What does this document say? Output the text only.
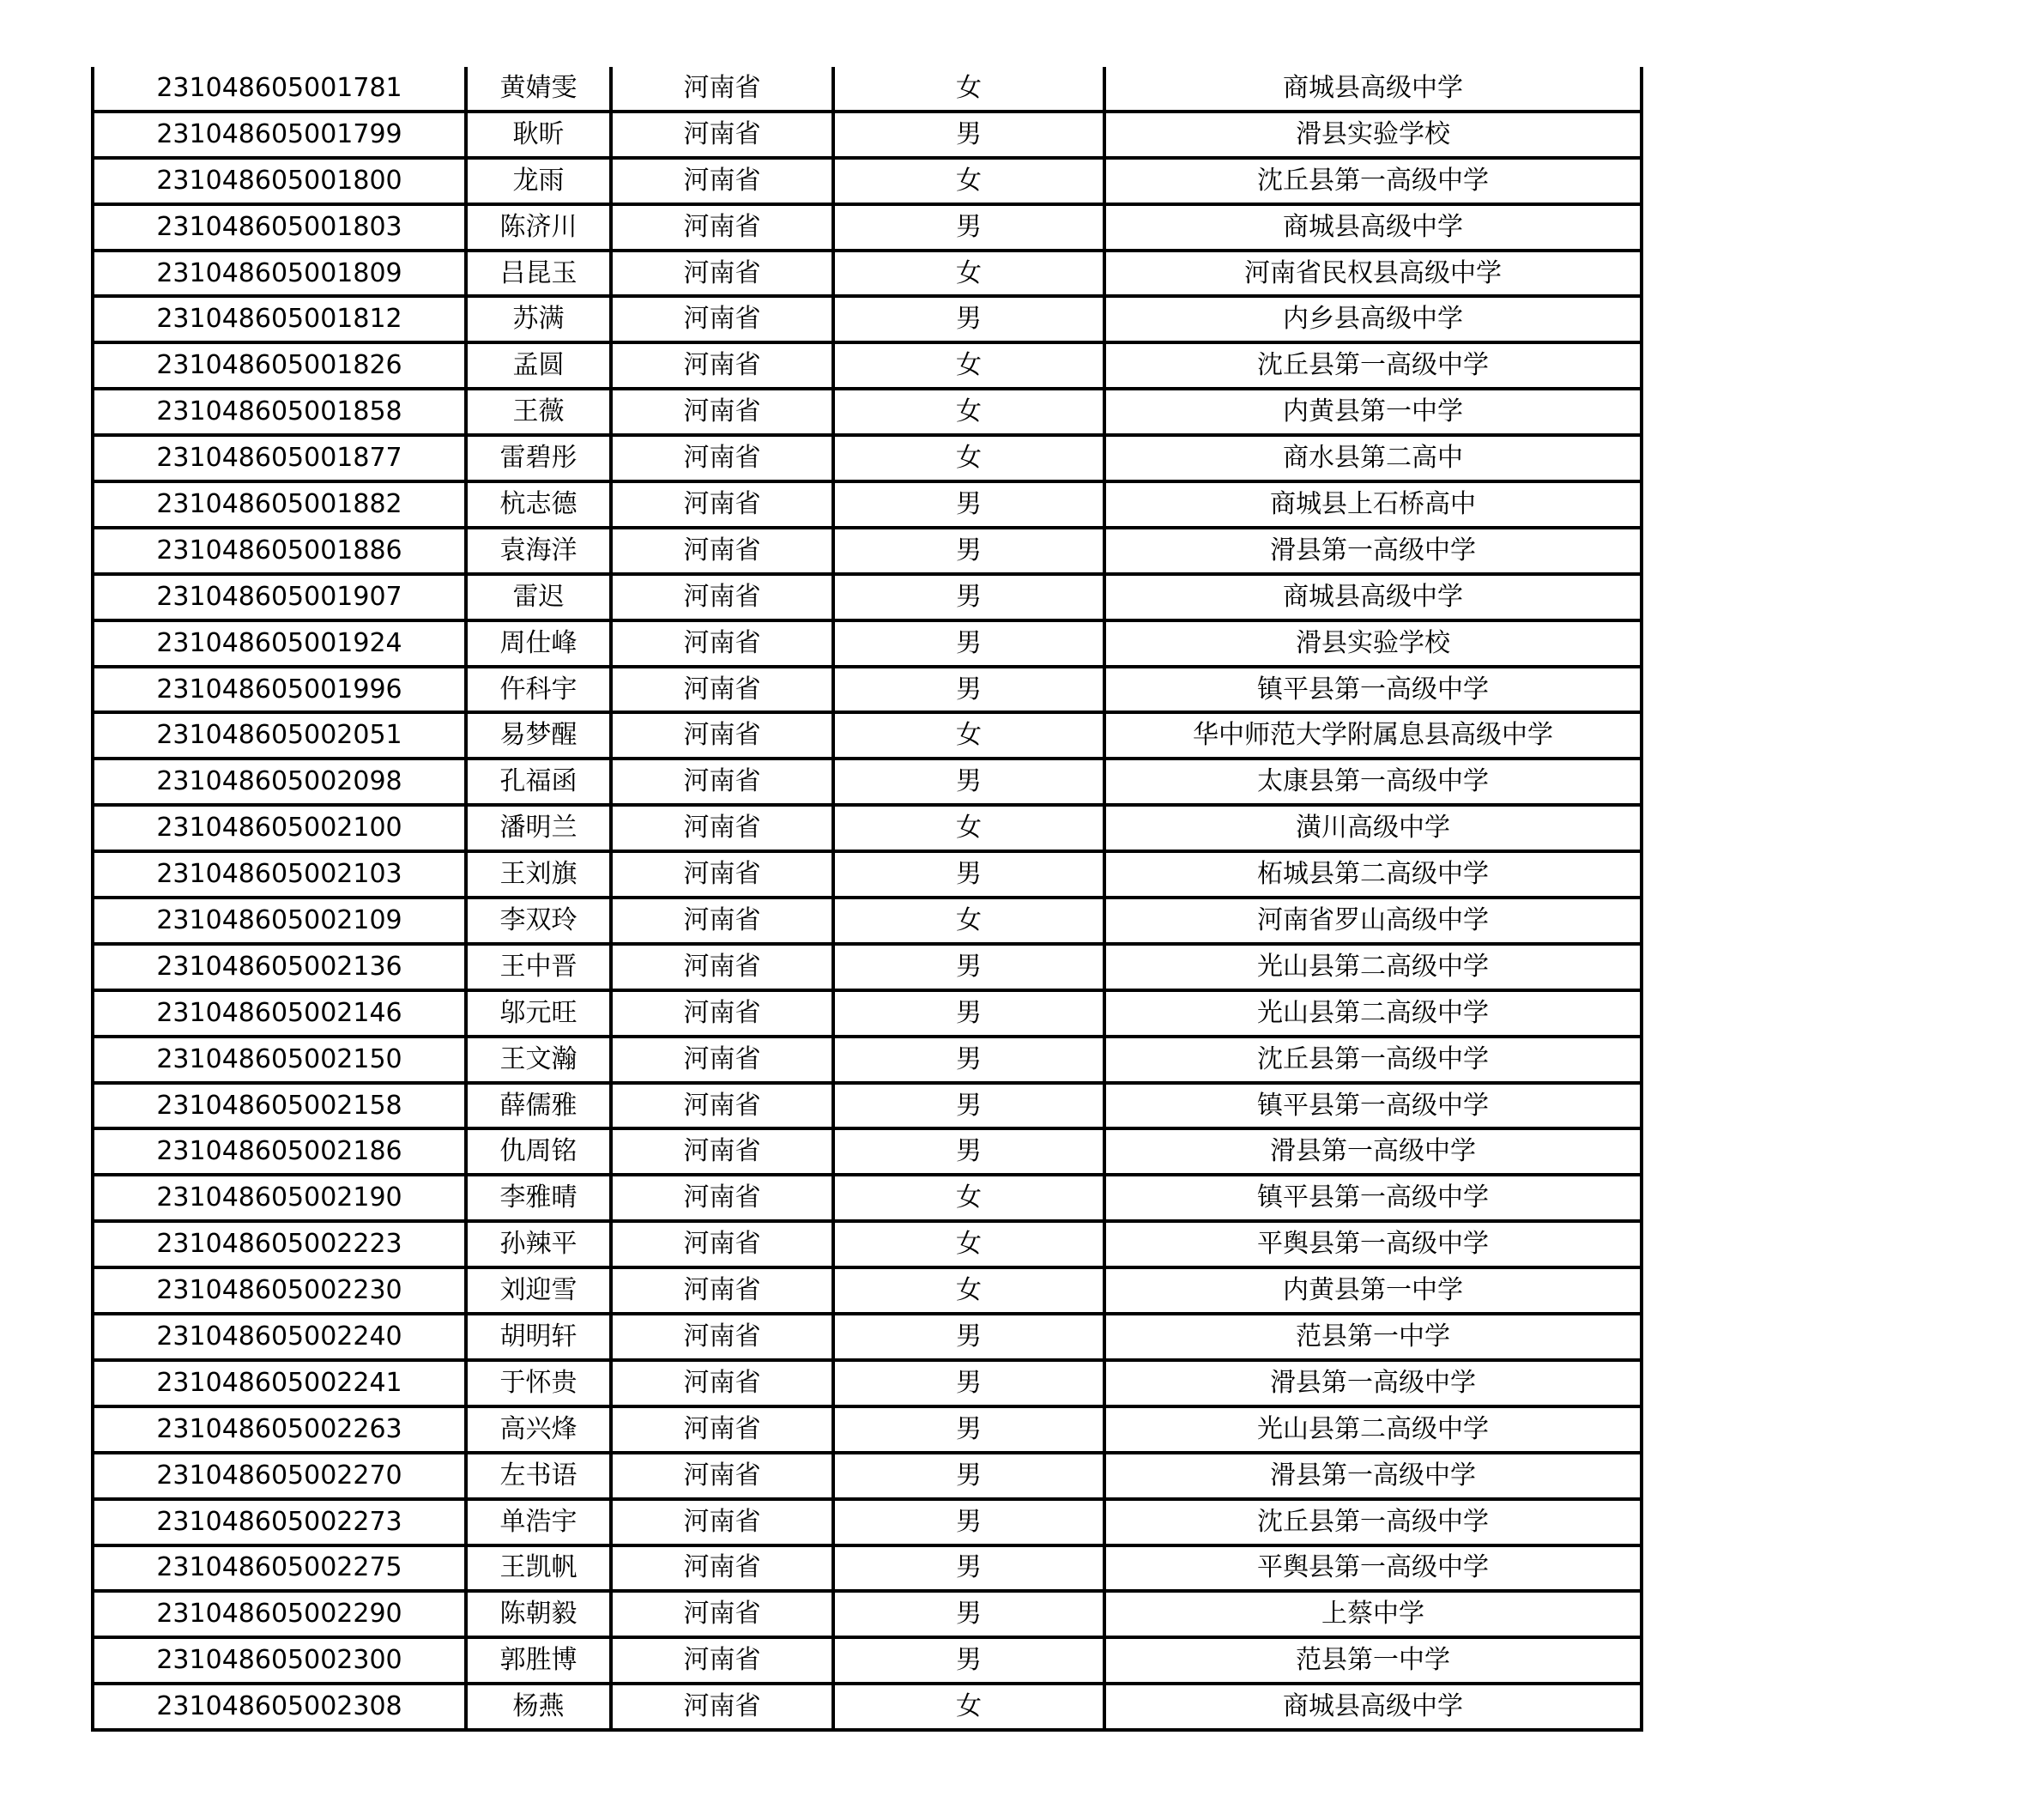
231048605001781	黄婧雯	河南省	女	商城县高级中学
231048605001799	耿昕	河南省	男	滑县实验学校
231048605001800	龙雨	河南省	女	沈丘县第一高级中学
231048605001803	陈济川	河南省	男	商城县高级中学
231048605001809	吕昆玉	河南省	女	河南省民权县高级中学
231048605001812	苏满	河南省	男	内乡县高级中学
231048605001826	孟圆	河南省	女	沈丘县第一高级中学
231048605001858	王薇	河南省	女	内黄县第一中学
231048605001877	雷碧彤	河南省	女	商水县第二高中
231048605001882	杭志德	河南省	男	商城县上石桥高中
231048605001886	袁海洋	河南省	男	滑县第一高级中学
231048605001907	雷迟	河南省	男	商城县高级中学
231048605001924	周仕峰	河南省	男	滑县实验学校
231048605001996	仵科宇	河南省	男	镇平县第一高级中学
231048605002051	易梦醒	河南省	女	华中师范大学附属息县高级中学
231048605002098	孔福函	河南省	男	太康县第一高级中学
231048605002100	潘明兰	河南省	女	潢川高级中学
231048605002103	王刘旗	河南省	男	柘城县第二高级中学
231048605002109	李双玲	河南省	女	河南省罗山高级中学
231048605002136	王中晋	河南省	男	光山县第二高级中学
231048605002146	邬元旺	河南省	男	光山县第二高级中学
231048605002150	王文瀚	河南省	男	沈丘县第一高级中学
231048605002158	薛儒雅	河南省	男	镇平县第一高级中学
231048605002186	仇周铭	河南省	男	滑县第一高级中学
231048605002190	李雅晴	河南省	女	镇平县第一高级中学
231048605002223	孙辣平	河南省	女	平舆县第一高级中学
231048605002230	刘迎雪	河南省	女	内黄县第一中学
231048605002240	胡明轩	河南省	男	范县第一中学
231048605002241	于怀贵	河南省	男	滑县第一高级中学
231048605002263	高兴烽	河南省	男	光山县第二高级中学
231048605002270	左书语	河南省	男	滑县第一高级中学
231048605002273	单浩宇	河南省	男	沈丘县第一高级中学
231048605002275	王凯帆	河南省	男	平舆县第一高级中学
231048605002290	陈朝毅	河南省	男	上蔡中学
231048605002300	郭胜博	河南省	男	范县第一中学
231048605002308	杨燕	河南省	女	商城县高级中学
